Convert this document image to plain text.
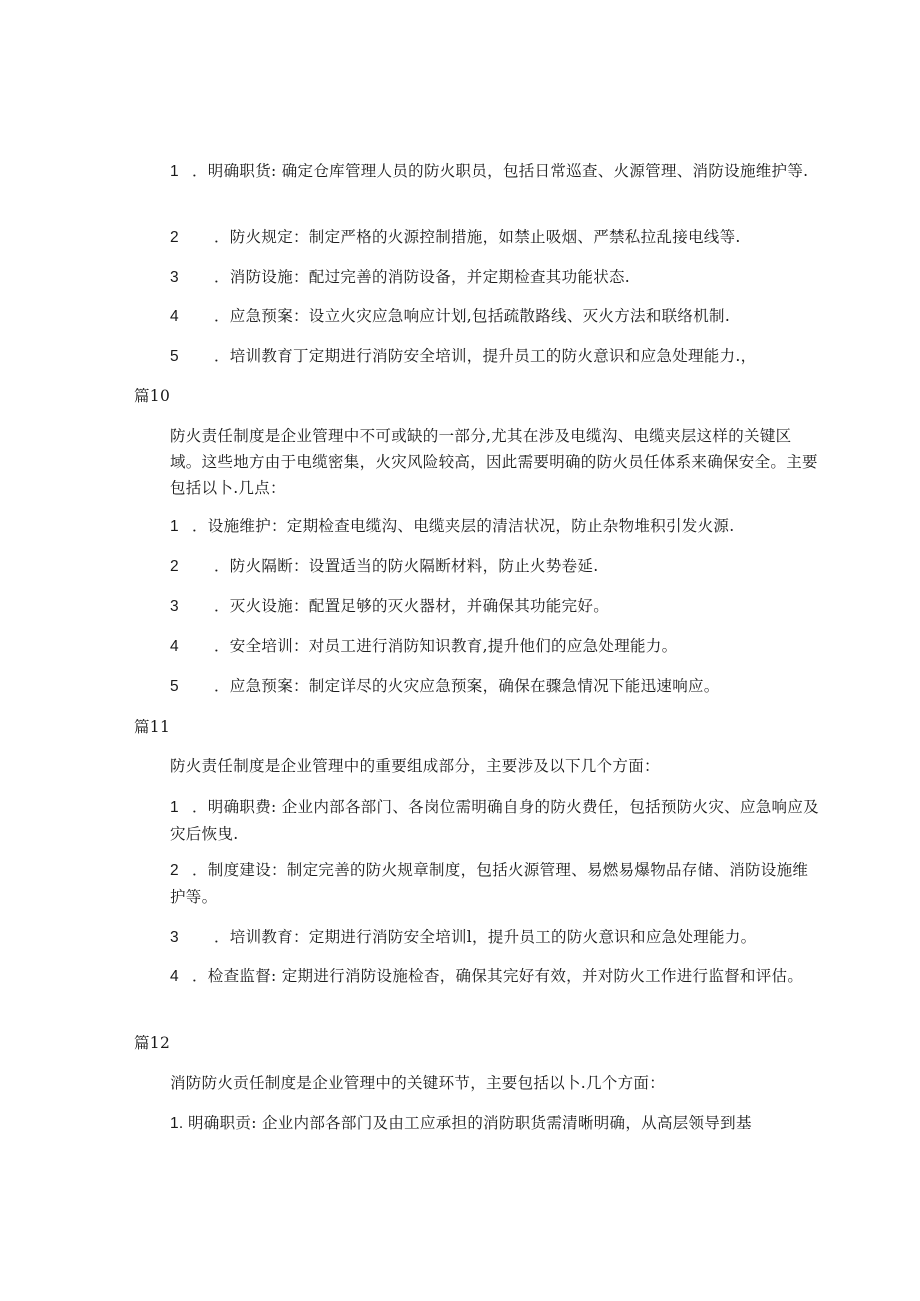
1 ．明确职货: 确定仓库管理人员的防火职员，包括日常巡查、火源管理、消防设施维护等.
2 ．防火规定：制定严格的火源控制措施，如禁止吸烟、严禁私拉乱接电线等.
3 ．消防设施：配过完善的消防设备，并定期检查其功能状态.
4 ．应急预案：设立火灾应急响应计划,包括疏散路线、灭火方法和联络机制.
5 ．培训教育丁定期进行消防安全培训，提升员工的防火意识和应急处理能力.，
篇10
防火责任制度是企业管理中不可或缺的一部分,尤其在涉及电缆沟、电缆夹层这样的关键区域。这些地方由于电缆密集，火灾风险较高，因此需要明确的防火员任体系来确保安全。主要包括以卜.几点：
1 ．设施维护：定期检查电缆沟、电缆夹层的清洁状况，防止杂物堆积引发火源.
2 ．防火隔断：设置适当的防火隔断材料，防止火势卷延.
3 ．灭火设施：配置足够的灭火器材，并确保其功能完好。
4 ．安全培训：对员工进行消防知识教育,提升他们的应急处理能力。
5 ．应急预案：制定详尽的火灾应急预案，确保在骤急情况下能迅速响应。
篇11
防火责任制度是企业管理中的重要组成部分，主要涉及以下几个方面：
1 ．明确职费: 企业内部各部门、各岗位需明确自身的防火费任，包括预防火灾、应急响应及灾后恢曳.
2 ．制度建设：制定完善的防火规章制度，包括火源管理、易燃易爆物品存储、消防设施维护等。
3 ．培训教育：定期进行消防安全培训l，提升员工的防火意识和应急处理能力。
4 ．检查监督: 定期进行消防设施检杳，确保其完好有效，并对防火工作进行监督和评估。
篇12
消防防火贡任制度是企业管理中的关键环节，主要包括以卜.几个方面：
1. 明确职贡: 企业内部各部门及由工应承担的消防职货需清晰明确，从高层领导到基
